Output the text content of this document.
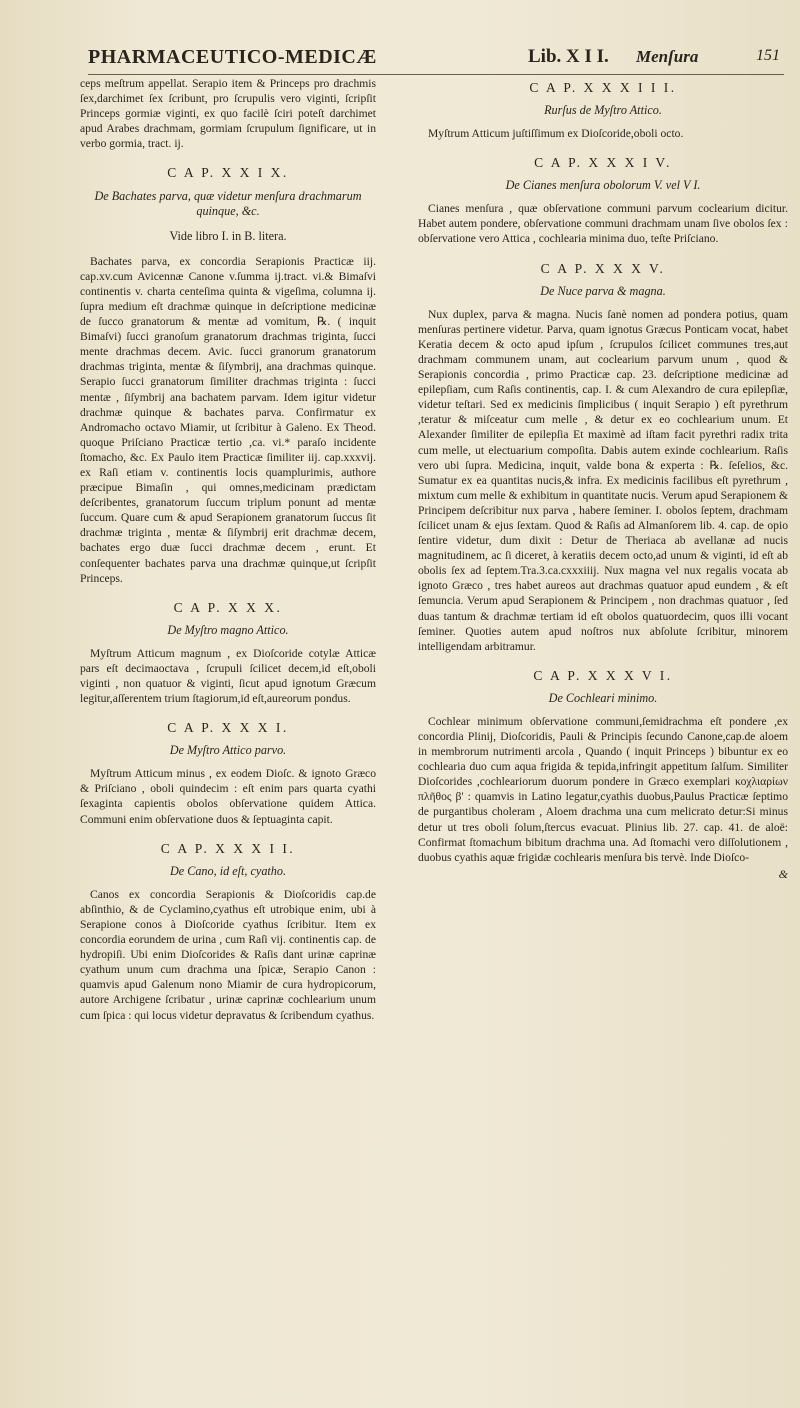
PHARMACEUTICO-MEDICÆ	Lib. X I I. Menſura	151

ceps meſtrum appellat. Serapio item & Princeps pro drachmis ſex,darchimet ſex ſcribunt, pro ſcrupulis vero viginti, ſcripſit Princeps gormiæ viginti, ex quo facilè ſciri poteſt darchimet apud Arabes drachmam, gormiam ſcrupulum ſignificare, ut in verbo gormia, tract. ij.

C A P. X X I X.
De Bachates parva, quæ videtur menſura drachmarum quinque, &c.
Vide libro I. in B. litera.

Bachates parva, ex concordia Serapionis Practicæ iij. cap.xv.cum Avicennæ Canone v.ſumma ij.tract. vi.& Bimaſvi continentis v. charta centeſima quinta & vigeſima, columna ij. ſupra medium eſt drachmæ quinque in deſcriptione medicinæ de ſucco granatorum & mentæ ad vomitum, ℞. ( inquit Bimaſvi) ſucci granoſum granatorum drachmas triginta, ſucci mente drachmas decem. Avic. ſucci granorum granatorum drachmas triginta, mentæ & ſiſymbrij, ana drachmas quinque. Serapio ſucci granatorum ſimiliter drachmas triginta : ſucci mentæ , ſiſymbrij ana bachatem parvam. Idem igitur videtur drachmæ quinque & bachates parva. Confirmatur ex Andromacho octavo Miamir, ut ſcribitur à Galeno. Ex Theod. quoque Priſciano Practicæ tertio ,ca. vi.* paraſo incidente ſtomacho, &c. Ex Paulo item Practicæ ſimiliter iij. cap.xxxvij. ex Raſi etiam v. continentis locis quamplurimis, authore præcipue Bimaſin , qui omnes,medicinam prædictam deſcribentes, granatorum ſuccum triplum ponunt ad mentæ ſuccum. Quare cum & apud Serapionem granatorum ſuccus ſit drachmæ triginta , mentæ & ſiſymbrij erit drachmæ decem, bachates ergo duæ ſucci drachmæ decem , erunt. Et conſequenter bachates parva una drachmæ quinque,ut ſcripſit Princeps.

C A P. X X X.
De Myſtro magno Attico.

Myſtrum Atticum magnum , ex Dioſcoride cotylæ Atticæ pars eſt decimaoctava , ſcrupuli ſcilicet decem,id eſt,oboli viginti , non quatuor & viginti, ſicut apud ignotum Græcum legitur,aſſerentem trium ſtagiorum,id eſt,aureorum pondus.

C A P. X X X I.
De Myſtro Attico parvo.

Myſtrum Atticum minus , ex eodem Dioſc. & ignoto Græco & Priſciano , oboli quindecim : eſt enim pars quarta cyathi ſexaginta capientis obolos obſervatione quidem Attica. Communi enim obſervatione duos & ſeptuaginta capit.

C A P. X X X I I.
De Cano, id eſt, cyatho.

Canos ex concordia Serapionis & Dioſcoridis cap.de abſinthio, & de Cyclamino,cyathus eſt utrobique enim, ubi à Serapione conos à Dioſcoride cyathus ſcribitur. Item ex concordia eorundem de urina , cum Raſi vij. continentis cap. de hydropiſi. Ubi enim Dioſcorides & Raſis dant urinæ caprinæ cyathum unum cum drachma una ſpicæ, Serapio Canon : quamvis apud Galenum nono Miamir de cura hydropicorum, autore Archigene ſcribatur , urinæ caprinæ cochlearium unum cum ſpica : qui locus videtur depravatus & ſcribendum cyathus.

C A P. X X X I I I.
Rurſus de Myſtro Attico.

Myſtrum Atticum juſtiſſimum ex Dioſcoride,oboli octo.

C A P. X X X I V.
De Cianes menſura obolorum V. vel V I.

Cianes menſura , quæ obſervatione communi parvum coclearium dicitur. Habet autem pondere, obſervatione communi drachmam unam ſive obolos ſex : obſervatione vero Attica , cochlearia minima duo, teſte Priſciano.

C A P. X X X V.
De Nuce parva & magna.

Nux duplex, parva & magna. Nucis ſanè nomen ad pondera potius, quam menſuras pertinere videtur. Parva, quam ignotus Græcus Ponticam vocat, habet Keratia decem & octo apud ipſum , ſcrupulos ſcilicet communes tres,aut drachmam communem unam, aut coclearium parvum unum , quod & Serapionis concordia , primo Practicæ cap. 23. deſcriptione medicinæ ad epilepſiam, cum Raſis continentis, cap. I. & cum Alexandro de cura epilepſiæ, videtur teſtari. Sed ex medicinis ſimplicibus ( inquit Serapio ) eſt pyrethrum ,teratur & miſceatur cum melle , & detur ex eo cochlearium unum. Et Alexander ſimiliter de epilepſia Et maximè ad iſtam facit pyrethri radix trita cum melle, ut electuarium compoſita. Dabis autem exinde cochlearium. Raſis vero ubi ſupra. Medicina, inquit, valde bona & experta : ℞. ſeſelios, &c. Sumatur ex ea quantitas nucis,& infra. Ex medicinis facilibus eſt pyrethrum , mixtum cum melle & exhibitum in quantitate nucis. Verum apud Serapionem & Principem deſcribitur nux parva , habere ſeminer. I. obolos ſeptem, drachmam ſcilicet unam & ejus ſextam. Quod & Raſis ad Almanſorem lib. 4. cap. de opio ſentire videtur, dum dixit : Detur de Theriaca ab avellanæ ad nucis magnitudinem, ac ſi diceret, à keratiis decem octo,ad unum & viginti, id eſt ab obolis ſex ad ſeptem.Tra.3.ca.cxxxiiij. Nux magna vel nux regalis vocata ab ignoto Græco , tres habet aureos aut drachmas quatuor apud eundem , & eſt ſemuncia. Verum apud Serapionem & Principem , non drachmas quatuor , ſed duas tantum & drachmæ tertiam id eſt obolos quatuordecim, quos illi vocant ſeminer. Quoties autem apud noſtros nux abſolute ſcribitur, minorem intelligendam arbitramur.

C A P. X X X V I.
De Cochleari minimo.

Cochlear minimum obſervatione communi,ſemidrachma eſt pondere ,ex concordia Plinij, Dioſcoridis, Pauli & Principis ſecundo Canone,cap.de aloem in membrorum nutrimenti arcola , Quando ( inquit Princeps ) bibuntur ex eo cochlearia duo cum aqua frigida & tepida,infringit appetitum ſalſum. Similiter Dioſcorides ,cochleariorum duorum pondere in Græco exemplari κοχλιαρίων πλῆθος β' : quamvis in Latino legatur,cyathis duobus,Paulus Practicæ ſeptimo de purgantibus choleram , Aloem drachma una cum melicrato detur:Si minus detur ut tres oboli ſolum,ſtercus evacuat. Plinius lib. 27. cap. 41. de aloë: Confirmat ſtomachum bibitum drachma una. Ad ſtomachi vero diſſolutionem , duobus cyathis aquæ frigidæ cochlearis menſura bis tervè. Inde Dioſco-

&
